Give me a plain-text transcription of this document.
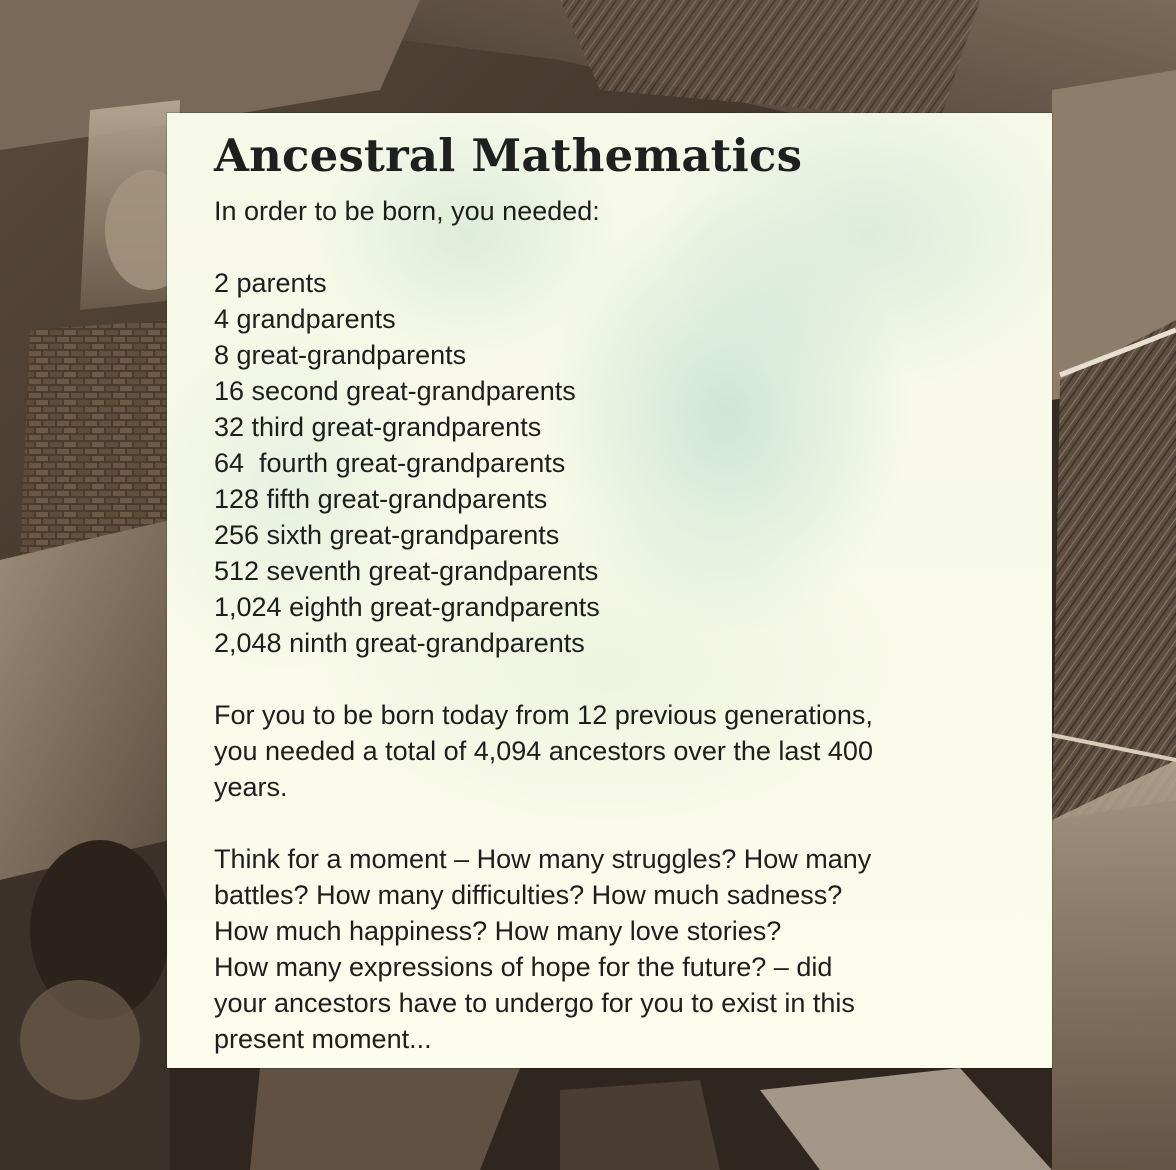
Ancestral Mathematics
In order to be born, you needed:
2 parents
4 grandparents
8 great-grandparents
16 second great-grandparents
32 third great-grandparents
64  fourth great-grandparents
128 fifth great-grandparents
256 sixth great-grandparents
512 seventh great-grandparents
1,024 eighth great-grandparents
2,048 ninth great-grandparents
For you to be born today from 12 previous generations,
you needed a total of 4,094 ancestors over the last 400
years.
Think for a moment – How many struggles? How many
battles? How many difficulties? How much sadness?
How much happiness? How many love stories?
How many expressions of hope for the future? – did
your ancestors have to undergo for you to exist in this
present moment...
